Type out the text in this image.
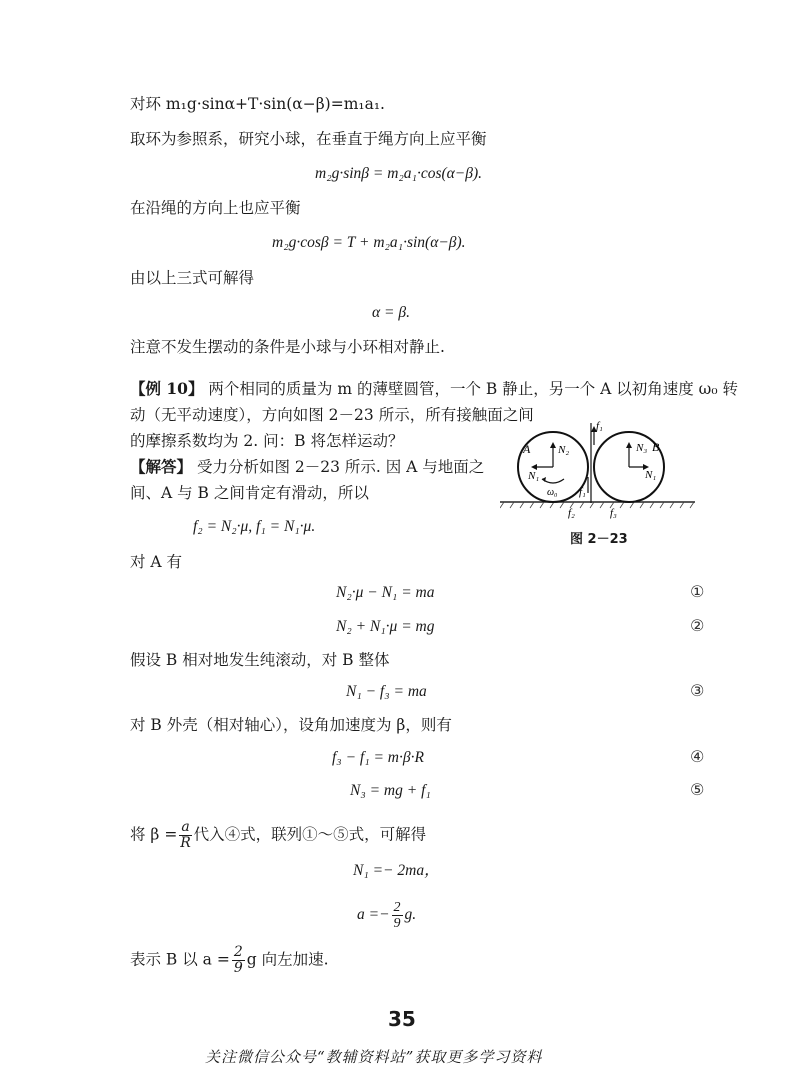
对环 m₁g·sinα+T·sin(α−β)=m₁a₁.
取环为参照系，研究小球，在垂直于绳方向上应平衡
m₂g·sinβ = m₂a₁·cos(α−β).
在沿绳的方向上也应平衡
m₂g·cosβ = T + m₂a₁·sin(α−β).
由以上三式可解得
α = β.
注意不发生摆动的条件是小球与小环相对静止.
【例 10】 两个相同的质量为 m 的薄壁圆管，一个 B 静止，另一个 A 以初角速度 ω₀ 转
动（无平动速度），方向如图 2－23 所示，所有接触面之间
的摩擦系数均为 2. 问：B 将怎样运动？
【解答】 受力分析如图 2－23 所示. 因 A 与地面之
间、A 与 B 之间肯定有滑动，所以
f₂ = N₂·μ, f₁ = N₁·μ.
A	N₂
N₁
ω₀
f₁
f₁
N₃ B
N₁
f₂	f₃
图 2－23
对 A 有
N₂·μ − N₁ = ma	①
N₂ + N₁·μ = mg	②
假设 B 相对地发生纯滚动，对 B 整体
N₁ − f₃ = ma	③
对 B 外壳（相对轴心），设角加速度为 β，则有
f₃ − f₁ = m·β·R	④
N₃ = mg + f₁	⑤
将 $\beta = \frac{a}{R}$ 代入④式，联列①～⑤式，可解得
N₁ =− 2ma，
$a =- \frac{2}{9} g$.
表示 B 以 $a = \frac{2}{9}$ g 向左加速.
35
关注微信公众号“教辅资料站”获取更多学习资料
